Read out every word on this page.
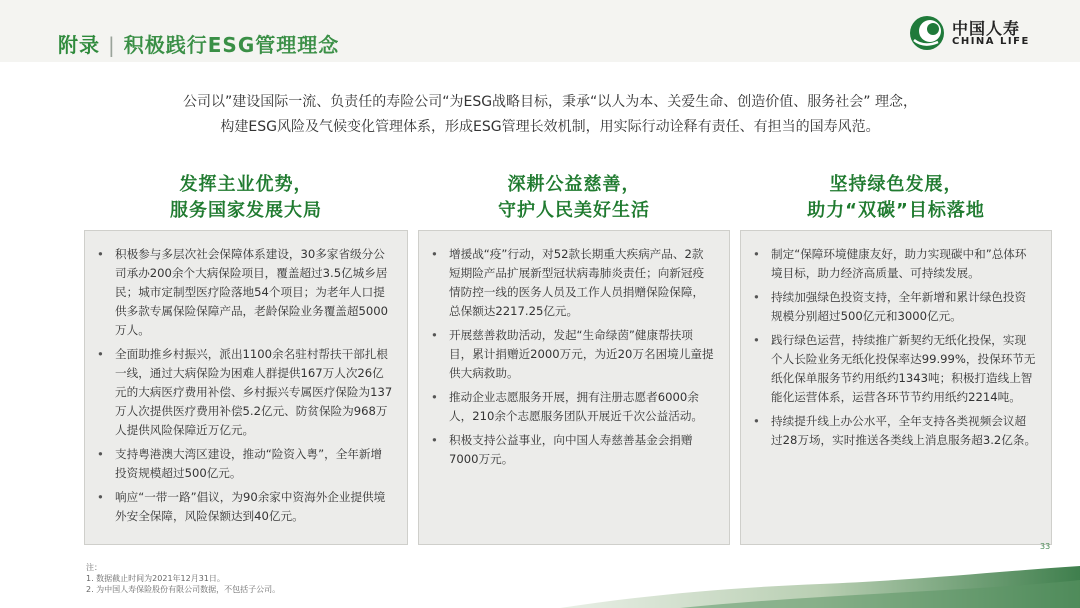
附录 | 积极践行ESG管理理念
中国人寿
CHINA LIFE
公司以”建设国际一流、负责任的寿险公司“为ESG战略目标，秉承“以人为本、关爱生命、创造价值、服务社会” 理念，
构建ESG风险及气候变化管理体系，形成ESG管理长效机制，用实际行动诠释有责任、有担当的国寿风范。
发挥主业优势，
服务国家发展大局
• 积极参与多层次社会保障体系建设，30多家省级分公司承办200余个大病保险项目，覆盖超过3.5亿城乡居民；城市定制型医疗险落地54个项目；为老年人口提供多款专属保险保障产品，老龄保险业务覆盖超5000 万人。
• 全面助推乡村振兴，派出1100余名驻村帮扶干部扎根一线，通过大病保险为困难人群提供167万人次26亿元的大病医疗费用补偿、乡村振兴专属医疗保险为137万人次提供医疗费用补偿5.2亿元、防贫保险为968万人提供风险保障近万亿元。
• 支持粤港澳大湾区建设，推动“险资入粤”，全年新增投资规模超过500亿元。
• 响应“一带一路”倡议，为90余家中资海外企业提供境外安全保障，风险保额达到40亿元。
深耕公益慈善，
守护人民美好生活
• 增援战“疫”行动，对52款长期重大疾病产品、2款短期险产品扩展新型冠状病毒肺炎责任；向新冠疫情防控一线的医务人员及工作人员捐赠保险保障，总保额达2217.25亿元。
• 开展慈善救助活动，发起“生命绿茵”健康帮扶项目，累计捐赠近2000万元，为近20万名困境儿童提供大病救助。
• 推动企业志愿服务开展，拥有注册志愿者6000余人，210余个志愿服务团队开展近千次公益活动。
• 积极支持公益事业，向中国人寿慈善基金会捐赠7000万元。
坚持绿色发展，
助力“双碳”目标落地
• 制定“保障环境健康友好，助力实现碳中和”总体环境目标，助力经济高质量、可持续发展。
• 持续加强绿色投资支持，全年新增和累计绿色投资规模分别超过500亿元和3000亿元。
• 践行绿色运营，持续推广新契约无纸化投保，实现个人长险业务无纸化投保率达99.99%，投保环节无纸化保单服务节约用纸约1343吨；积极打造线上智能化运营体系，运营各环节节约用纸约2214吨。
• 持续提升线上办公水平，全年支持各类视频会议超过28万场，实时推送各类线上消息服务超3.2亿条。
33
注：
1. 数据截止时间为2021年12月31日。
2. 为中国人寿保险股份有限公司数据，不包括子公司。
